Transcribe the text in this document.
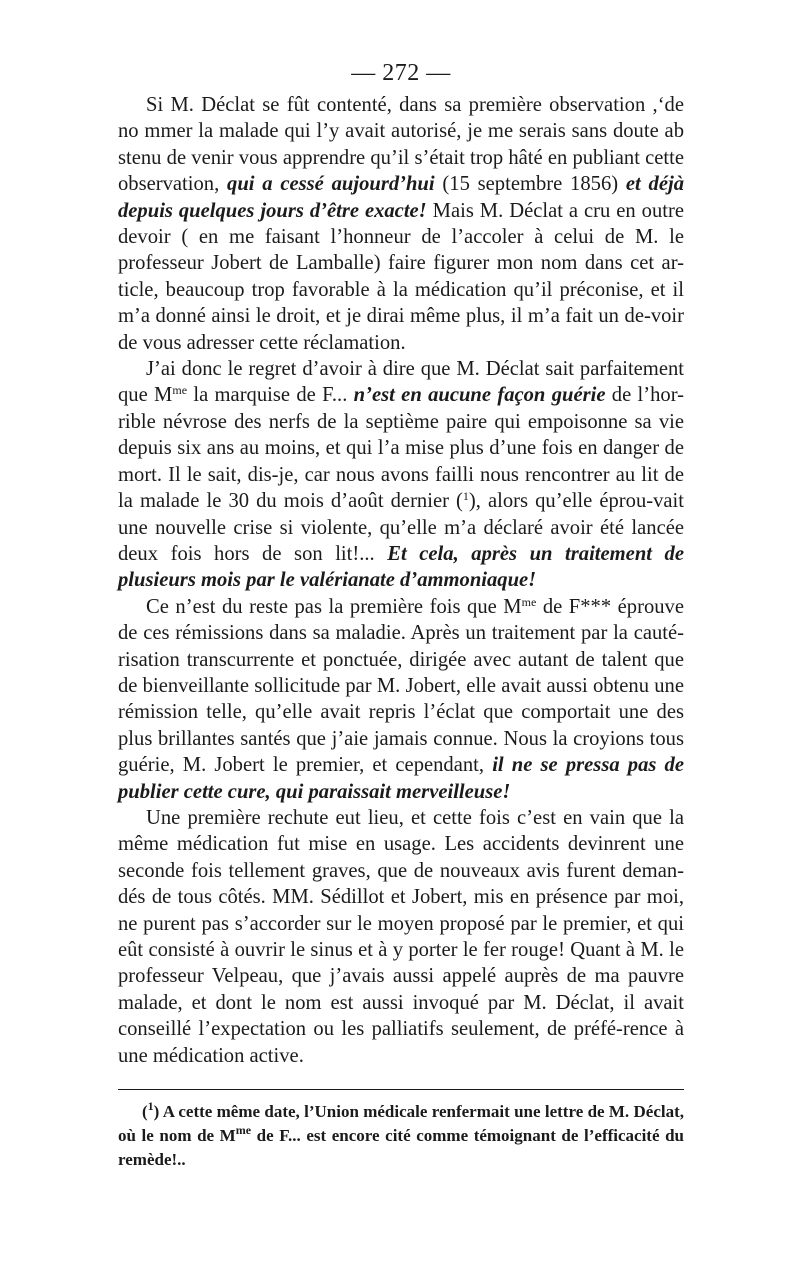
— 272 —

Si M. Déclat se fût contenté, dans sa première observation ,ʻde no mmer la malade qui l’y avait autorisé, je me serais sans doute ab stenu de venir vous apprendre qu’il s’était trop hâté en publiant cette observation, qui a cessé aujourd’hui (15 septembre 1856) et déjà depuis quelques jours d’être exacte! Mais M. Déclat a cru en outre devoir ( en me faisant l’honneur de l’accoler à celui de M. le professeur Jobert de Lamballe) faire figurer mon nom dans cet ar-ticle, beaucoup trop favorable à la médication qu’il préconise, et il m’a donné ainsi le droit, et je dirai même plus, il m’a fait un de-voir de vous adresser cette réclamation.

J’ai donc le regret d’avoir à dire que M. Déclat sait parfaitement que $M^{me}$ la marquise de F... n’est en aucune façon guérie de l’hor-rible névrose des nerfs de la septième paire qui empoisonne sa vie depuis six ans au moins, et qui l’a mise plus d’une fois en danger de mort. Il le sait, dis-je, car nous avons failli nous rencontrer au lit de la malade le 30 du mois d’août dernier ($^1$), alors qu’elle éprou-vait une nouvelle crise si violente, qu’elle m’a déclaré avoir été lancée deux fois hors de son lit!... Et cela, après un traitement de plusieurs mois par le valérianate d’ammoniaque!

Ce n’est du reste pas la première fois que $M^{me}$ de F*** éprouve de ces rémissions dans sa maladie. Après un traitement par la cauté-risation transcurrente et ponctuée, dirigée avec autant de talent que de bienveillante sollicitude par M. Jobert, elle avait aussi obtenu une rémission telle, qu’elle avait repris l’éclat que comportait une des plus brillantes santés que j’aie jamais connue. Nous la croyions tous guérie, M. Jobert le premier, et cependant, il ne se pressa pas de publier cette cure, qui paraissait merveilleuse!

Une première rechute eut lieu, et cette fois c’est en vain que la même médication fut mise en usage. Les accidents devinrent une seconde fois tellement graves, que de nouveaux avis furent deman-dés de tous côtés. MM. Sédillot et Jobert, mis en présence par moi, ne purent pas s’accorder sur le moyen proposé par le premier, et qui eût consisté à ouvrir le sinus et à y porter le fer rouge! Quant à M. le professeur Velpeau, que j’avais aussi appelé auprès de ma pauvre malade, et dont le nom est aussi invoqué par M. Déclat, il avait conseillé l’expectation ou les palliatifs seulement, de préfé-rence à une médication active.

($^1$) A cette même date, l’Union médicale renfermait une lettre de M. Déclat, où le nom de $M^{me}$ de F... est encore cité comme témoignant de l’efficacité du remède!..
